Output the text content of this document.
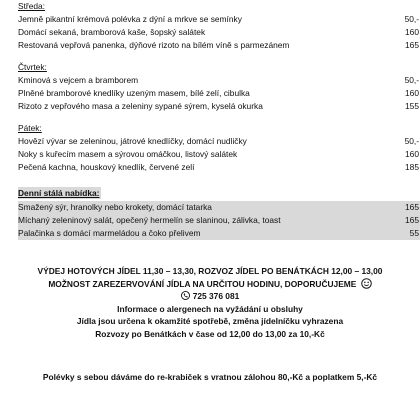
Středa:
Jemně pikantní krémová polévka z dýní a mrkve se semínky	50,-
Domácí sekaná, bramborová kaše, šopský salátek	160
Restovaná vepřová panenka, dýňové rizoto na bílém víně s parmezánem	165
Čtvrtek:
Kminová s vejcem a bramborem	50,-
Plněné bramborové knedlíky uzeným masem, bílé zelí, cibulka	160
Rizoto z vepřového masa a zeleniny sypané sýrem, kyselá okurka	155
Pátek:
Hovězí vývar se zeleninou, játrové knedlíčky, domácí nudličky	50,-
Noky s kuřecím masem a sýrovou omáčkou, listový salátek	160
Pečená kachna, houskový knedlík, červené zelí	185
Denní stálá nabídka:
Smažený sýr, hranolky nebo krokety, domácí tatarka	165
Míchaný zeleninový salát, opečený hermelín se slaninou, zálivka, toast	165
Palačinka s domácí marmeládou a čoko přelivem	55
VÝDEJ HOTOVÝCH JÍDEL 11,30 – 13,30, ROZVOZ JÍDEL PO BENÁTKÁCH 12,00 – 13,00
MOŽNOST ZAREZERVOVÁNÍ JÍDLA NA URČITOU HODINU, DOPORUČUJEME
725 376 081
Informace o alergenech na vyžádání u obsluhy
Jídla jsou určena k okamžité spotřebě, změna jídelníčku vyhrazena
Rozvozy po Benátkách v čase od 12,00 do 13,00 za 10,-Kč
Polévky s sebou dáváme do re-krabiček s vratnou zálohou 80,-Kč a poplatkem 5,-Kč
